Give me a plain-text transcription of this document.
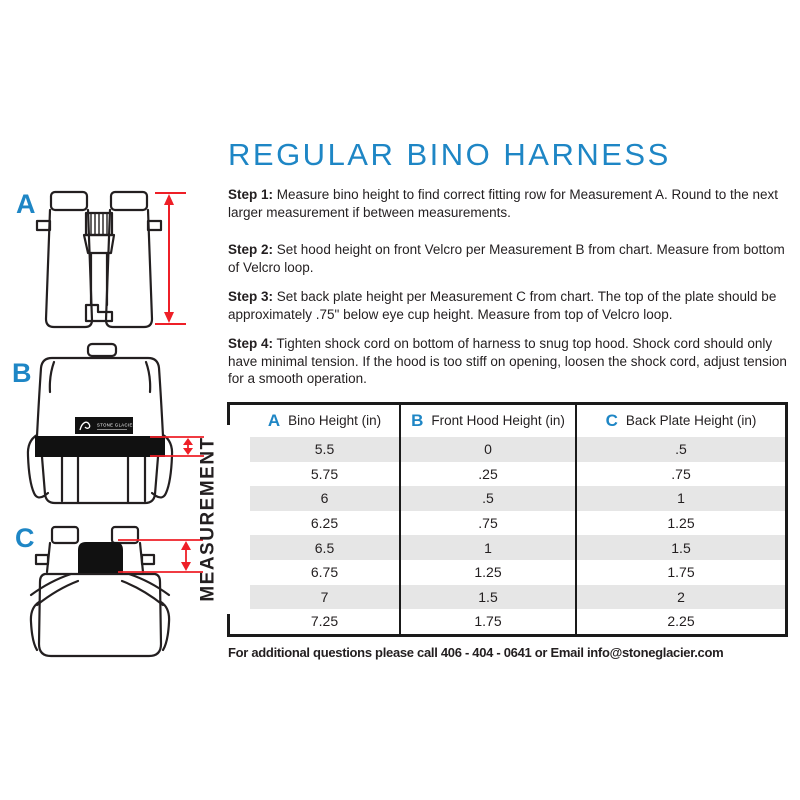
A
B
STONE GLACIER
C
REGULAR BINO HARNESS

Step 1: Measure bino height to find correct fitting row for Measurement A. Round to the next larger measurement if between measurements.

Step 2: Set hood height on front Velcro per Measurement B from chart. Measure from bottom of Velcro loop.

Step 3: Set back plate height per Measurement C from chart. The top of the plate should be approximately .75" below eye cup height. Measure from top of Velcro loop.

Step 4: Tighten shock cord on bottom of harness to snug top hood. Shock cord should only have minimal tension. If the hood is too stiff on opening, loosen the shock cord, adjust tension for a smooth operation.

MEASUREMENT
A Bino Height (in)	B Front Hood Height (in)	C Back Plate Height (in)
5.5	0	.5
5.75	.25	.75
6	.5	1
6.25	.75	1.25
6.5	1	1.5
6.75	1.25	1.75
7	1.5	2
7.25	1.75	2.25

For additional questions please call 406 - 404 - 0641 or Email info@stoneglacier.com
